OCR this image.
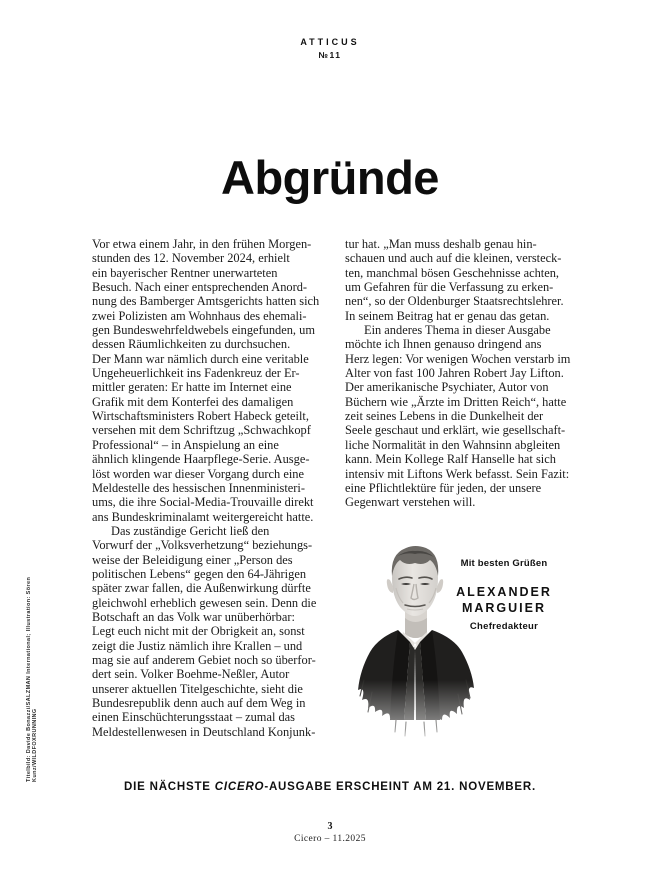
ATTICUS
№11
Abgründe
Vor etwa einem Jahr, in den frühen Morgen-
stunden des 12. November 2024, erhielt
ein bayerischer Rentner unerwarteten
Besuch. Nach einer entsprechenden Anord-
nung des Bamberger Amtsgerichts hatten sich
zwei Polizisten am Wohnhaus des ehemali-
gen Bundeswehrfeldwebels eingefunden, um
dessen Räumlichkeiten zu durchsuchen.
Der Mann war nämlich durch eine veritable
Ungeheuerlichkeit ins Fadenkreuz der Er-
mittler geraten: Er hatte im Internet eine
Grafik mit dem Konterfei des damaligen
Wirtschaftsministers Robert Habeck geteilt,
versehen mit dem Schriftzug „Schwachkopf
Professional“ – in Anspielung an eine
ähnlich klingende Haarpflege-Serie. Ausge-
löst worden war dieser Vorgang durch eine
Meldestelle des hessischen Innenministeri-
ums, die ihre Social-Media-Trouvaille direkt
ans Bundeskriminalamt weitergereicht hatte.
Das zuständige Gericht ließ den
Vorwurf der „Volksverhetzung“ beziehungs-
weise der Beleidigung einer „Person des
politischen Lebens“ gegen den 64-Jährigen
später zwar fallen, die Außenwirkung dürfte
gleichwohl erheblich gewesen sein. Denn die
Botschaft an das Volk war unüberhörbar:
Legt euch nicht mit der Obrigkeit an, sonst
zeigt die Justiz nämlich ihre Krallen – und
mag sie auf anderem Gebiet noch so überfor-
dert sein. Volker Boehme-Neßler, Autor
unserer aktuellen Titelgeschichte, sieht die
Bundesrepublik denn auch auf dem Weg in
einen Einschüchterungsstaat – zumal das
Meldestellenwesen in Deutschland Konjunk-
tur hat. „Man muss deshalb genau hin-
schauen und auch auf die kleinen, versteck-
ten, manchmal bösen Geschehnisse achten,
um Gefahren für die Verfassung zu erken-
nen“, so der Oldenburger Staatsrechtslehrer.
In seinem Beitrag hat er genau das getan.
Ein anderes Thema in dieser Ausgabe
möchte ich Ihnen genauso dringend ans
Herz legen: Vor wenigen Wochen verstarb im
Alter von fast 100 Jahren Robert Jay Lifton.
Der amerikanische Psychiater, Autor von
Büchern wie „Ärzte im Dritten Reich“, hatte
zeit seines Lebens in die Dunkelheit der
Seele geschaut und erklärt, wie gesellschaft-
liche Normalität in den Wahnsinn abgleiten
kann. Mein Kollege Ralf Hanselle hat sich
intensiv mit Liftons Werk befasst. Sein Fazit:
eine Pflichtlektüre für jeden, der unsere
Gegenwart verstehen will.
Mit besten Grüßen
ALEXANDER
MARGUIER
Chefredakteur
Titelbild: Davide Bonazzi/SALZMAN International; Illustration: Sören Kunz/WILDFOXRUNNING
DIE NÄCHSTE CICERO-AUSGABE ERSCHEINT AM 21. NOVEMBER.
3
Cicero – 11.2025
